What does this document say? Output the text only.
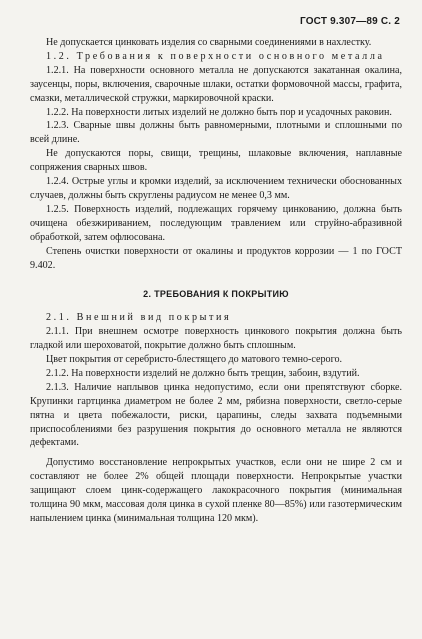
ГОСТ 9.307—89 С. 2

Не допускается цинковать изделия со сварными соединениями в нахлестку.

1.2. Требования к поверхности основного металла

1.2.1. На поверхности основного металла не допускаются закатанная окалина, заусенцы, поры, включения, сварочные шлаки, остатки формовочной массы, графита, смазки, металлической стружки, маркировочной краски.

1.2.2. На поверхности литых изделий не должно быть пор и усадочных раковин.

1.2.3. Сварные швы должны быть равномерными, плотными и сплошными по всей длине.

Не допускаются поры, свищи, трещины, шлаковые включения, наплавные сопряжения сварных швов.

1.2.4. Острые углы и кромки изделий, за исключением технически обоснованных случаев, должны быть скруглены радиусом не менее 0,3 мм.

1.2.5. Поверхность изделий, подлежащих горячему цинкованию, должна быть очищена обезжириванием, последующим травлением или струйно-абразивной обработкой, затем офлюсована.

Степень очистки поверхности от окалины и продуктов коррозии — 1 по ГОСТ 9.402.

2. ТРЕБОВАНИЯ К ПОКРЫТИЮ

2.1. Внешний вид покрытия

2.1.1. При внешнем осмотре поверхность цинкового покрытия должна быть гладкой или шероховатой, покрытие должно быть сплошным.

Цвет покрытия от серебристо-блестящего до матового темно-серого.

2.1.2. На поверхности изделий не должно быть трещин, забоин, вздутий.

2.1.3. Наличие наплывов цинка недопустимо, если они препятствуют сборке. Крупинки гартцинка диаметром не более 2 мм, рябизна поверхности, светло-серые пятна и цвета побежалости, риски, царапины, следы захвата подъемными приспособлениями без разрушения покрытия до основного металла не являются дефектами.

Допустимо восстановление непрокрытых участков, если они не шире 2 см и составляют не более 2% общей площади поверхности. Непрокрытые участки защищают слоем цинк-содержащего лакокрасочного покрытия (минимальная толщина 90 мкм, массовая доля цинка в сухой пленке 80—85%) или газотермическим напылением цинка (минимальная толщина 120 мкм).
